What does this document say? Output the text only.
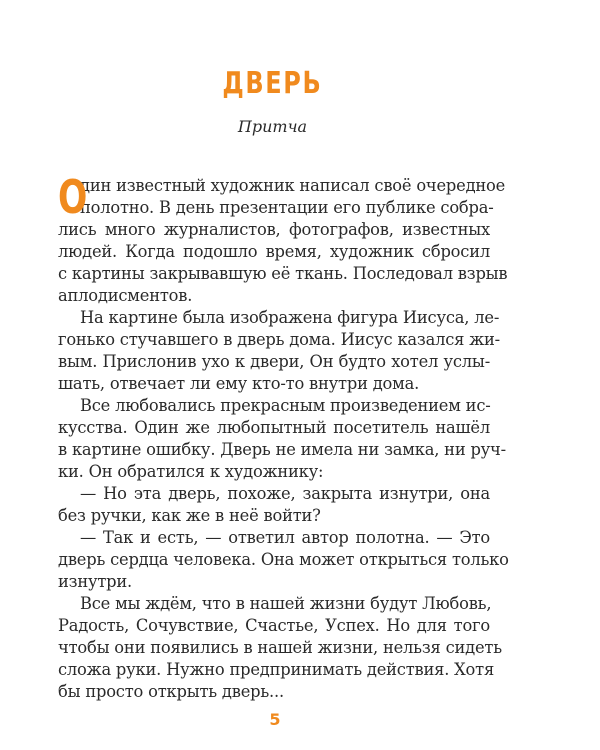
ДВЕРЬ
Притча
О
дин известный художник написал своё очередное
полотно. В день презентации его публике собра-
лись много журналистов, фотографов, известных
людей. Когда подошло время, художник сбросил
с картины закрывавшую её ткань. Последовал взрыв
аплодисментов.
На картине была изображена фигура Иисуса, ле-
гонько стучавшего в дверь дома. Иисус казался жи-
вым. Прислонив ухо к двери, Он будто хотел услы-
шать, отвечает ли ему кто-то внутри дома.
Все любовались прекрасным произведением ис-
кусства. Один же любопытный посетитель нашёл
в картине ошибку. Дверь не имела ни замка, ни руч-
ки. Он обратился к художнику:
— Но эта дверь, похоже, закрыта изнутри, она
без ручки, как же в неё войти?
— Так и есть, — ответил автор полотна. — Это
дверь сердца человека. Она может открыться только
изнутри.
Все мы ждём, что в нашей жизни будут Любовь,
Радость, Сочувствие, Счастье, Успех. Но для того
чтобы они появились в нашей жизни, нельзя сидеть
сложа руки. Нужно предпринимать действия. Хотя
бы просто открыть дверь...
5
